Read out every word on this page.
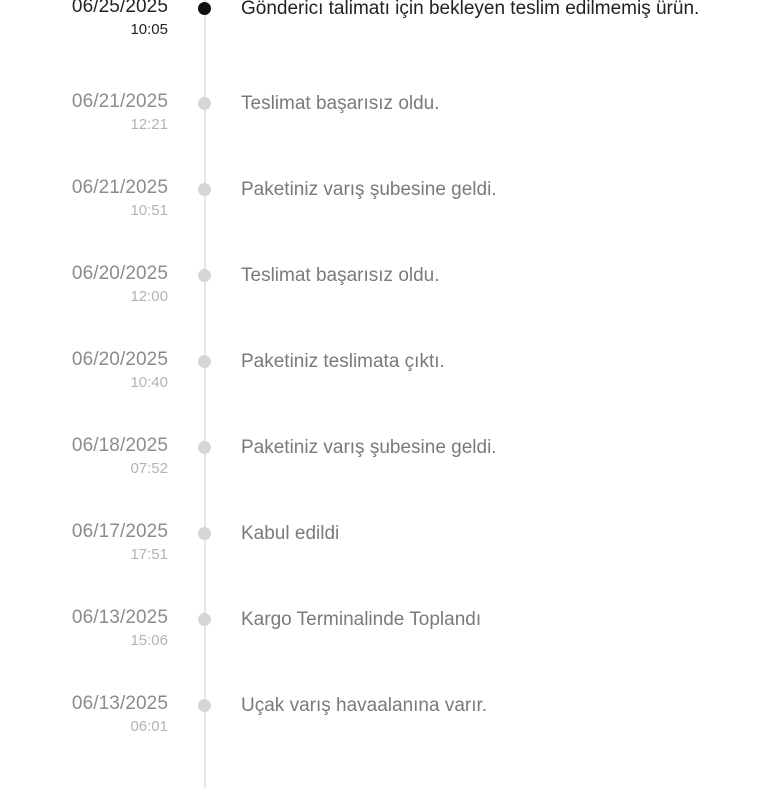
06/25/2025
10:05
Göndericı talimatı için bekleyen teslim edilmemiş ürün.
06/21/2025
12:21
Teslimat başarısız oldu.
06/21/2025
10:51
Paketiniz varış şubesine geldi.
06/20/2025
12:00
Teslimat başarısız oldu.
06/20/2025
10:40
Paketiniz teslimata çıktı.
06/18/2025
07:52
Paketiniz varış şubesine geldi.
06/17/2025
17:51
Kabul edildi
06/13/2025
15:06
Kargo Terminalinde Toplandı
06/13/2025
06:01
Uçak varış havaalanına varır.
